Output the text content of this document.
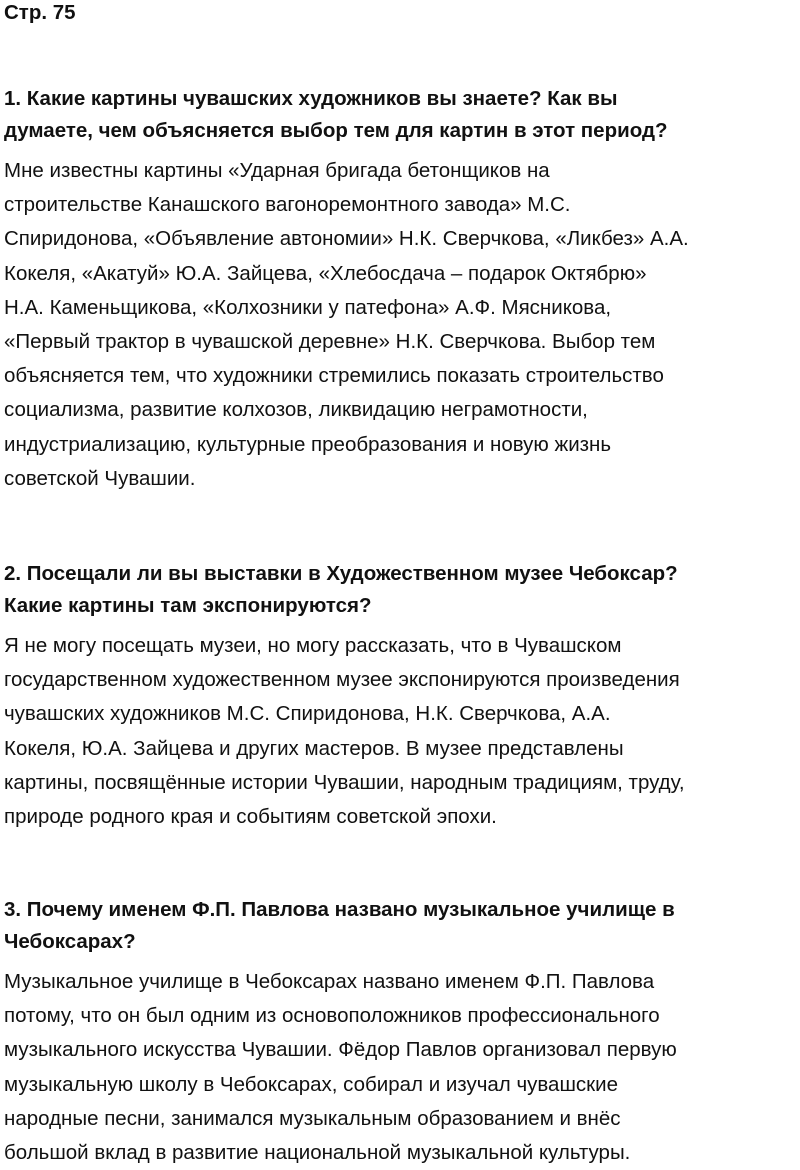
Стр. 75

1. Какие картины чувашских художников вы знаете? Как вы
думаете, чем объясняется выбор тем для картин в этот период?

Мне известны картины «Ударная бригада бетонщиков на
строительстве Канашского вагоноремонтного завода» М.С.
Спиридонова, «Объявление автономии» Н.К. Сверчкова, «Ликбез» А.А.
Кокеля, «Акатуй» Ю.А. Зайцева, «Хлебосдача – подарок Октябрю»
Н.А. Каменьщикова, «Колхозники у патефона» А.Ф. Мясникова,
«Первый трактор в чувашской деревне» Н.К. Сверчкова. Выбор тем
объясняется тем, что художники стремились показать строительство
социализма, развитие колхозов, ликвидацию неграмотности,
индустриализацию, культурные преобразования и новую жизнь
советской Чувашии.

2. Посещали ли вы выставки в Художественном музее Чебоксар?
Какие картины там экспонируются?

Я не могу посещать музеи, но могу рассказать, что в Чувашском
государственном художественном музее экспонируются произведения
чувашских художников М.С. Спиридонова, Н.К. Сверчкова, А.А.
Кокеля, Ю.А. Зайцева и других мастеров. В музее представлены
картины, посвящённые истории Чувашии, народным традициям, труду,
природе родного края и событиям советской эпохи.

3. Почему именем Ф.П. Павлова названо музыкальное училище в
Чебоксарах?

Музыкальное училище в Чебоксарах названо именем Ф.П. Павлова
потому, что он был одним из основоположников профессионального
музыкального искусства Чувашии. Фёдор Павлов организовал первую
музыкальную школу в Чебоксарах, собирал и изучал чувашские
народные песни, занимался музыкальным образованием и внёс
большой вклад в развитие национальной музыкальной культуры.
